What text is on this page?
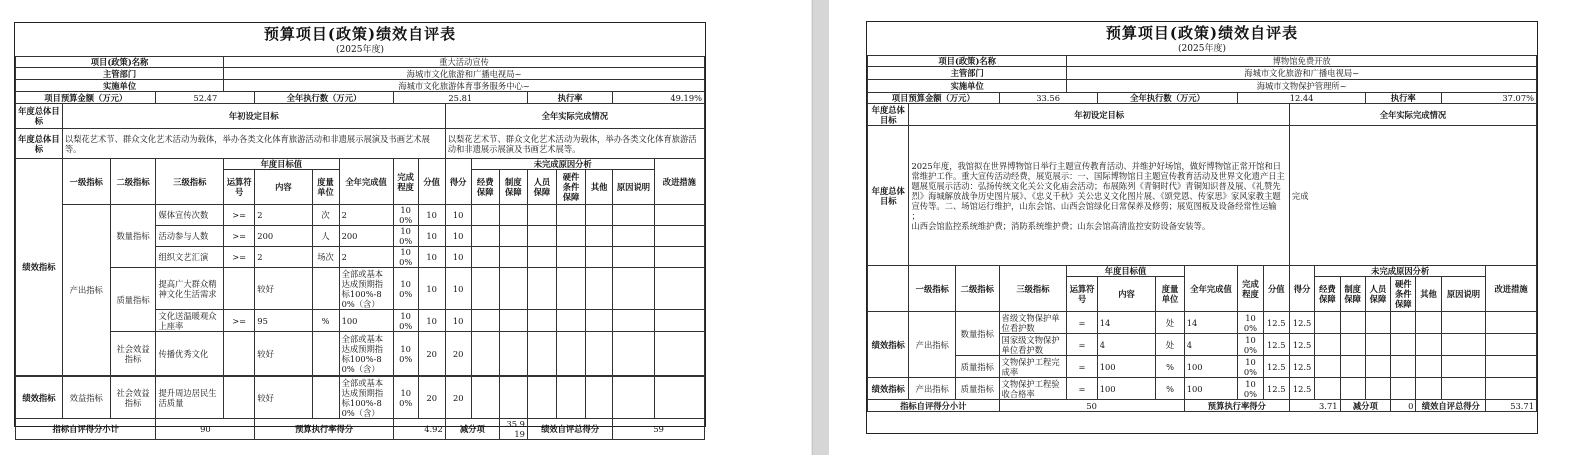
预算项目(政策)绩效自评表
(2025年度)
项目(政策)名称				重大活动宣传													
主管部门				海城市文化旅游和广播电视局~													
实施单位				海城市文化旅游体育事务服务中心~													
项目预算金额（万元）			52.47		全年执行数（万元）			25.81					执行率			49.19%	
年度总体目标	年初设定目标									全年实际完成情况							
年度总体目标	以梨花艺术节、群众文化艺术活动为载体，举办各类文化体育旅游活动和非遗展示展演及书画艺术展等。									以梨花艺术节、群众文化艺术活动为载体，举办各类文化体育旅游活动和非遗展示展演及书画艺术展等。							
绩效指标	一级指标	二级指标	三级指标	年度目标值			全年完成值	完成程度	分值	得分	未完成原因分析						改进措施
				运算符号	内容	度量单位					经费保障	制度保障	人员保障	硬件条件保障	其他	原因说明	

	产出指标	数量指标	媒体宣传次数	>=	2	次	2	100%	10	10							
			活动参与人数	>=	200	人	200	100%	10	10							
			组织文艺汇演	>=	2	场次	2	100%	10	10							
		质量指标	提高广大群众精神文化生活需求		较好		全部或基本达成预期指标100%-80%（含）	100%	10	10							
			文化送温暖观众上座率	>=	95	%	100	100%	10	10							
		社会效益指标	传播优秀文化		较好		全部或基本达成预期指标100%-80%（含）	100%	20	20							
绩效指标	效益指标	社会效益指标	提升周边居民生活质量		较好		全部或基本达成预期指标100%-80%（含）	100%	20	20							
指标自评得分小计			90		预算执行率得分			4.92		减分项		35.919	绩效自评总得分			59	
预算项目(政策)绩效自评表
(2025年度)
项目(政策)名称				博物馆免费开放													
主管部门				海城市文化旅游和广播电视局~													
实施单位				海城市文物保护管理所~													
项目预算金额（万元）			33.56		全年执行数（万元）			12.44					执行率			37.07%	
年度总体目标	年初设定目标									全年实际完成情况							
年度总体目标	2025年度，我馆拟在世界博物馆日举行主题宣传教育活动、并维护好场馆，做好博物馆正常开馆和日常维护工作。重大宣传活动经费，展览展示：一、国际博物馆日主题宣传教育活动及世界文化遗产日主题展览展示活动：弘扬传统文化关公文化庙会活动；布展陈列《青铜时代》青铜知识普及展、《礼赞先烈》海城解放战争历史图片展》、《忠义千秋》关公忠义文化图片展、《颂党恩、传家思》家风家教主题宣传等。二、场馆运行维护，山东会馆、山西会馆绿化日常保养及修剪；展览图板及设备经常性运输 ；
山西会馆监控系统维护费；消防系统维护费；山东会馆高清监控安防设备安装等。									完成							
	一级指标	二级指标	三级指标	年度目标值			全年完成值	完成程度	分值	得分	未完成原因分析						改进措施
				运算符号	内容	度量单位					经费保障	制度保障	人员保障	硬件条件保障	其他	原因说明	

绩效指标	产出指标	数量指标	省级文物保护单位看护数	=	14	处	14	100%	12.5	12.5							
			国家级文物保护单位看护数	=	4	处	4	100%	12.5	12.5							
		质量指标	文物保护工程完成率	=	100	%	100	100%	12.5	12.5							
绩效指标	产出指标	质量指标	文物保护工程验收合格率	=	100	%	100	100%	12.5	12.5							
指标自评得分小计			50				预算执行率得分			3.71		减分项		0	绩效自评总得分		53.71
